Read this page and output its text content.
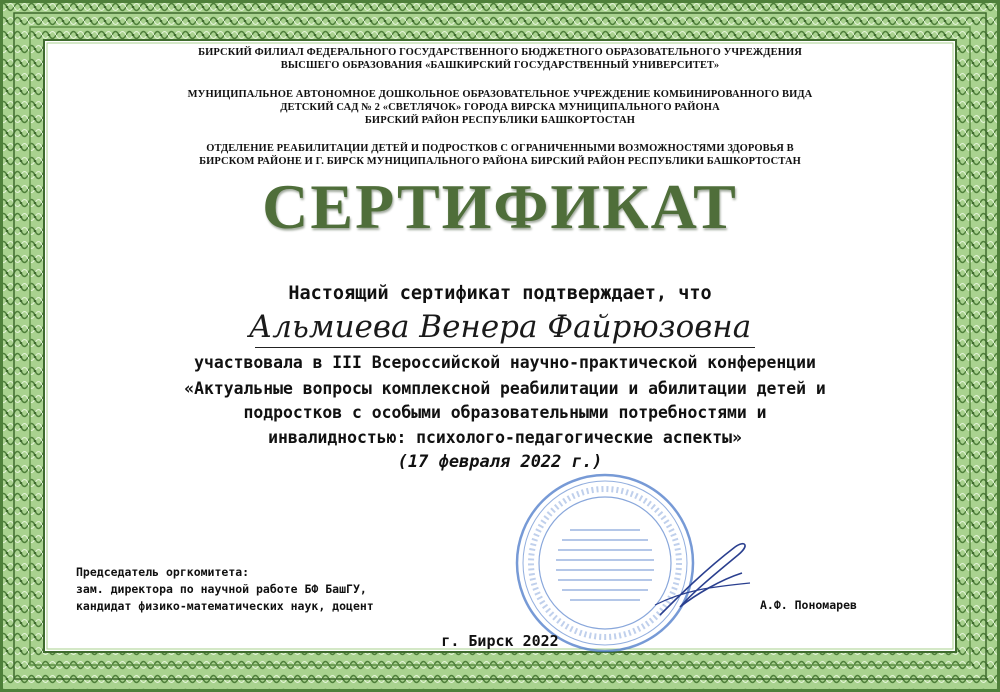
БИРСКИЙ ФИЛИАЛ ФЕДЕРАЛЬНОГО ГОСУДАРСТВЕННОГО БЮДЖЕТНОГО ОБРАЗОВАТЕЛЬНОГО УЧРЕЖДЕНИЯ
ВЫСШЕГО ОБРАЗОВАНИЯ «БАШКИРСКИЙ ГОСУДАРСТВЕННЫЙ УНИВЕРСИТЕТ»
МУНИЦИПАЛЬНОЕ АВТОНОМНОЕ ДОШКОЛЬНОЕ ОБРАЗОВАТЕЛЬНОЕ УЧРЕЖДЕНИЕ КОМБИНИРОВАННОГО ВИДА
ДЕТСКИЙ САД № 2 «СВЕТЛЯЧОК» ГОРОДА ВИРСКА МУНИЦИПАЛЬНОГО РАЙОНА
БИРСКИЙ РАЙОН РЕСПУБЛИКИ БАШКОРТОСТАН
ОТДЕЛЕНИЕ РЕАБИЛИТАЦИИ ДЕТЕЙ И ПОДРОСТКОВ С ОГРАНИЧЕННЫМИ ВОЗМОЖНОСТЯМИ ЗДОРОВЬЯ В
БИРСКОМ РАЙОНЕ И Г. БИРСК МУНИЦИПАЛЬНОГО РАЙОНА БИРСКИЙ РАЙОН РЕСПУБЛИКИ БАШКОРТОСТАН
СЕРТИФИКАТ
Настоящий сертификат подтверждает, что
Альмиева Венера Файрюзовна
участвовала в III Всероссийской научно-практической конференции
«Актуальные вопросы комплексной реабилитации и абилитации детей и
подростков с особыми образовательными потребностями и
инвалидностью: психолого-педагогические аспекты»
(17 февраля 2022 г.)
Председатель оргкомитета:
зам. директора по научной работе БФ БашГУ,
кандидат физико-математических наук, доцент	А.Ф. Пономарев
г. Бирск 2022
